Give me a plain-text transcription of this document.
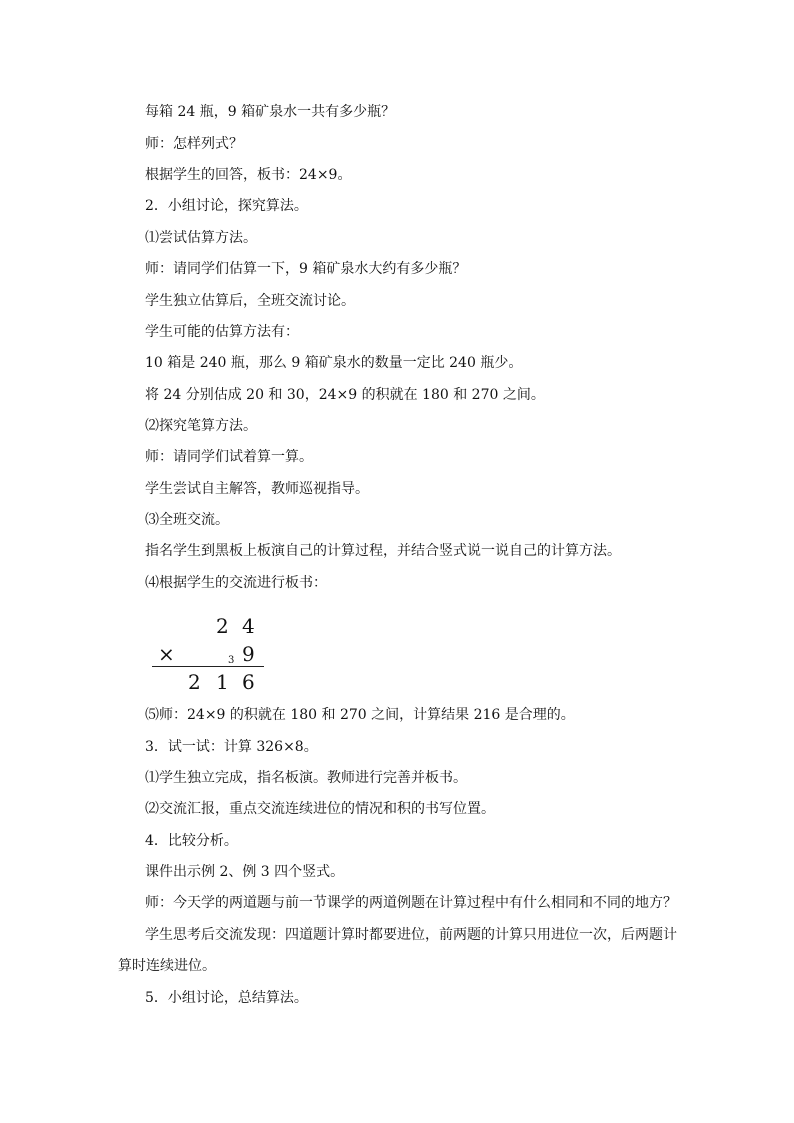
每箱 24 瓶，9 箱矿泉水一共有多少瓶？
师：怎样列式？
根据学生的回答，板书：24×9。
2．小组讨论，探究算法。
⑴尝试估算方法。
师：请同学们估算一下，9 箱矿泉水大约有多少瓶？
学生独立估算后，全班交流讨论。
学生可能的估算方法有：
10 箱是 240 瓶，那么 9 箱矿泉水的数量一定比 240 瓶少。
将 24 分别估成 20 和 30，24×9 的积就在 180 和 270 之间。
⑵探究笔算方法。
师：请同学们试着算一算。
学生尝试自主解答，教师巡视指导。
⑶全班交流。
指名学生到黑板上板演自己的计算过程，并结合竖式说一说自己的计算方法。
⑷根据学生的交流进行板书：
2 4
×	3 9
2 1 6
⑸师：24×9 的积就在 180 和 270 之间，计算结果 216 是合理的。
3．试一试：计算 326×8。
⑴学生独立完成，指名板演。教师进行完善并板书。
⑵交流汇报，重点交流连续进位的情况和积的书写位置。
4．比较分析。
课件出示例 2、例 3 四个竖式。
师：今天学的两道题与前一节课学的两道例题在计算过程中有什么相同和不同的地方？
学生思考后交流发现：四道题计算时都要进位，前两题的计算只用进位一次，后两题计
算时连续进位。
5．小组讨论，总结算法。
